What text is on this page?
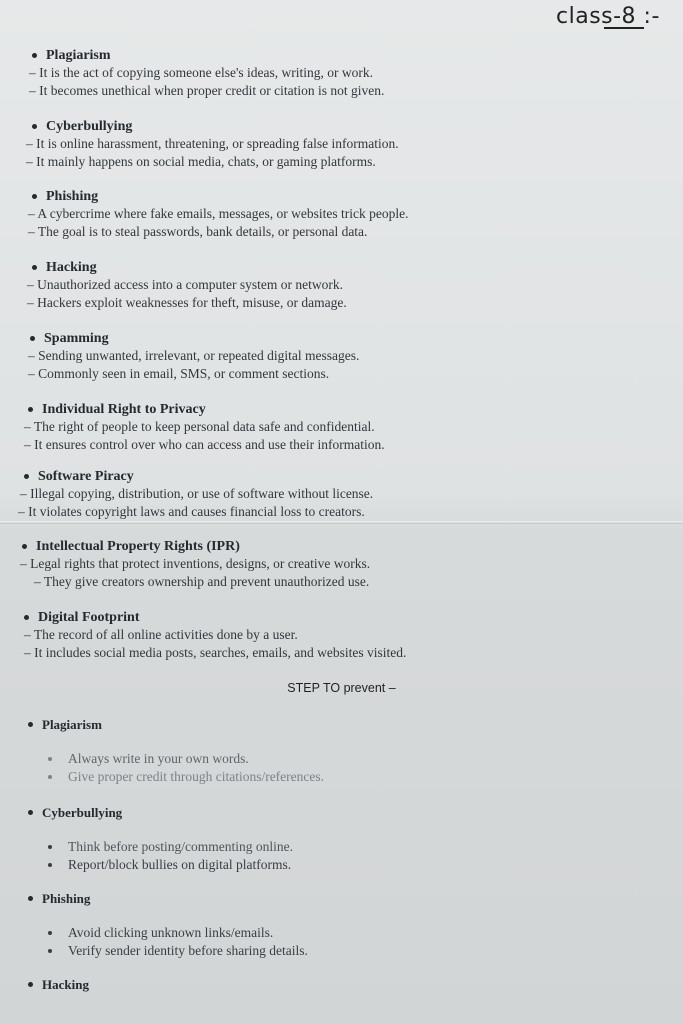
class-8 :-
Plagiarism
– It is the act of copying someone else's ideas, writing, or work.
– It becomes unethical when proper credit or citation is not given.
Cyberbullying
– It is online harassment, threatening, or spreading false information.
– It mainly happens on social media, chats, or gaming platforms.
Phishing
– A cybercrime where fake emails, messages, or websites trick people.
– The goal is to steal passwords, bank details, or personal data.
Hacking
– Unauthorized access into a computer system or network.
– Hackers exploit weaknesses for theft, misuse, or damage.
Spamming
– Sending unwanted, irrelevant, or repeated digital messages.
– Commonly seen in email, SMS, or comment sections.
Individual Right to Privacy
– The right of people to keep personal data safe and confidential.
– It ensures control over who can access and use their information.
Software Piracy
– Illegal copying, distribution, or use of software without license.
– It violates copyright laws and causes financial loss to creators.
Intellectual Property Rights (IPR)
– Legal rights that protect inventions, designs, or creative works.
– They give creators ownership and prevent unauthorized use.
Digital Footprint
– The record of all online activities done by a user.
– It includes social media posts, searches, emails, and websites visited.
STEP TO prevent –
Plagiarism
Always write in your own words.
Give proper credit through citations/references.
Cyberbullying
Think before posting/commenting online.
Report/block bullies on digital platforms.
Phishing
Avoid clicking unknown links/emails.
Verify sender identity before sharing details.
Hacking
